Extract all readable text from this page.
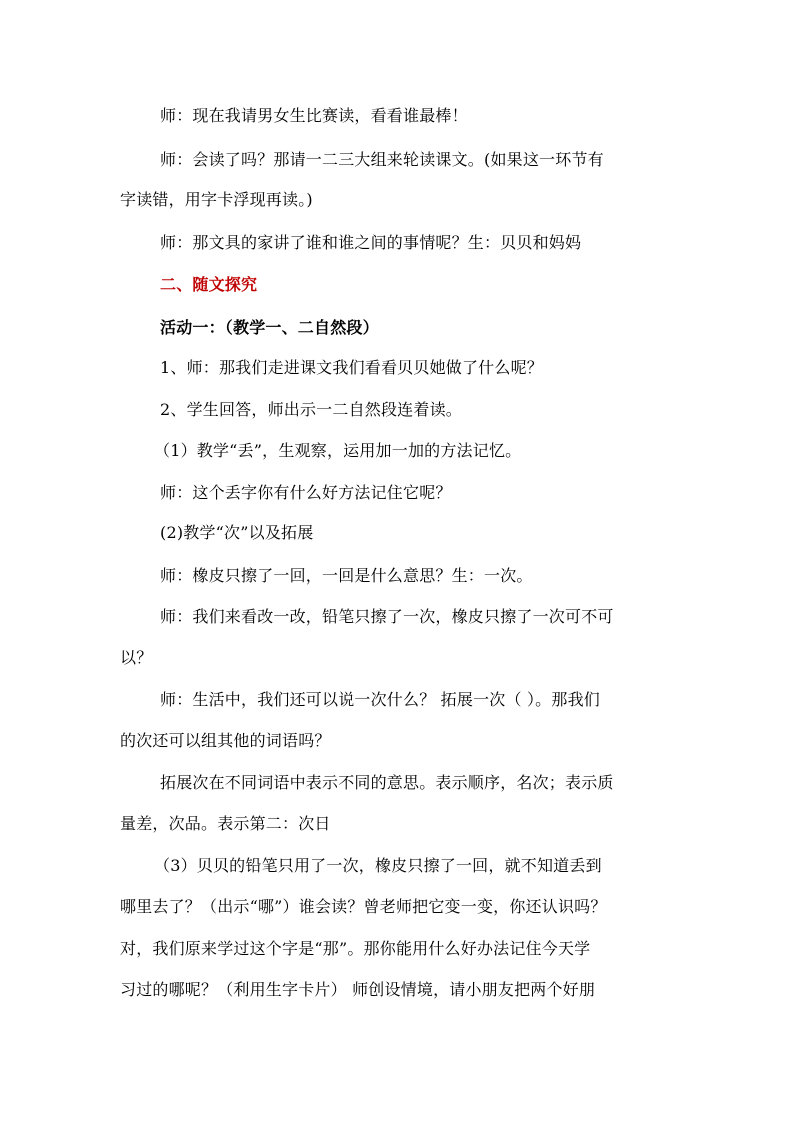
师：现在我请男女生比赛读，看看谁最棒！
师：会读了吗？那请一二三大组来轮读课文。(如果这一环节有
字读错，用字卡浮现再读。)
师：那文具的家讲了谁和谁之间的事情呢？生：贝贝和妈妈
二、随文探究
活动一：（教学一、二自然段）
1、师：那我们走进课文我们看看贝贝她做了什么呢？
2、学生回答，师出示一二自然段连着读。
（1）教学“丢”，生观察，运用加一加的方法记忆。
师：这个丢字你有什么好方法记住它呢？
(2)教学“次”以及拓展
师：橡皮只擦了一回，一回是什么意思？生：一次。
师：我们来看改一改，铅笔只擦了一次，橡皮只擦了一次可不可
以？
师：生活中，我们还可以说一次什么？ 拓展一次（ ）。那我们
的次还可以组其他的词语吗？
拓展次在不同词语中表示不同的意思。表示顺序，名次；表示质
量差，次品。表示第二：次日
（3）贝贝的铅笔只用了一次，橡皮只擦了一回，就不知道丢到
哪里去了？（出示“哪”）谁会读？曾老师把它变一变，你还认识吗？
对，我们原来学过这个字是“那”。那你能用什么好办法记住今天学
习过的哪呢？（利用生字卡片） 师创设情境，请小朋友把两个好朋
